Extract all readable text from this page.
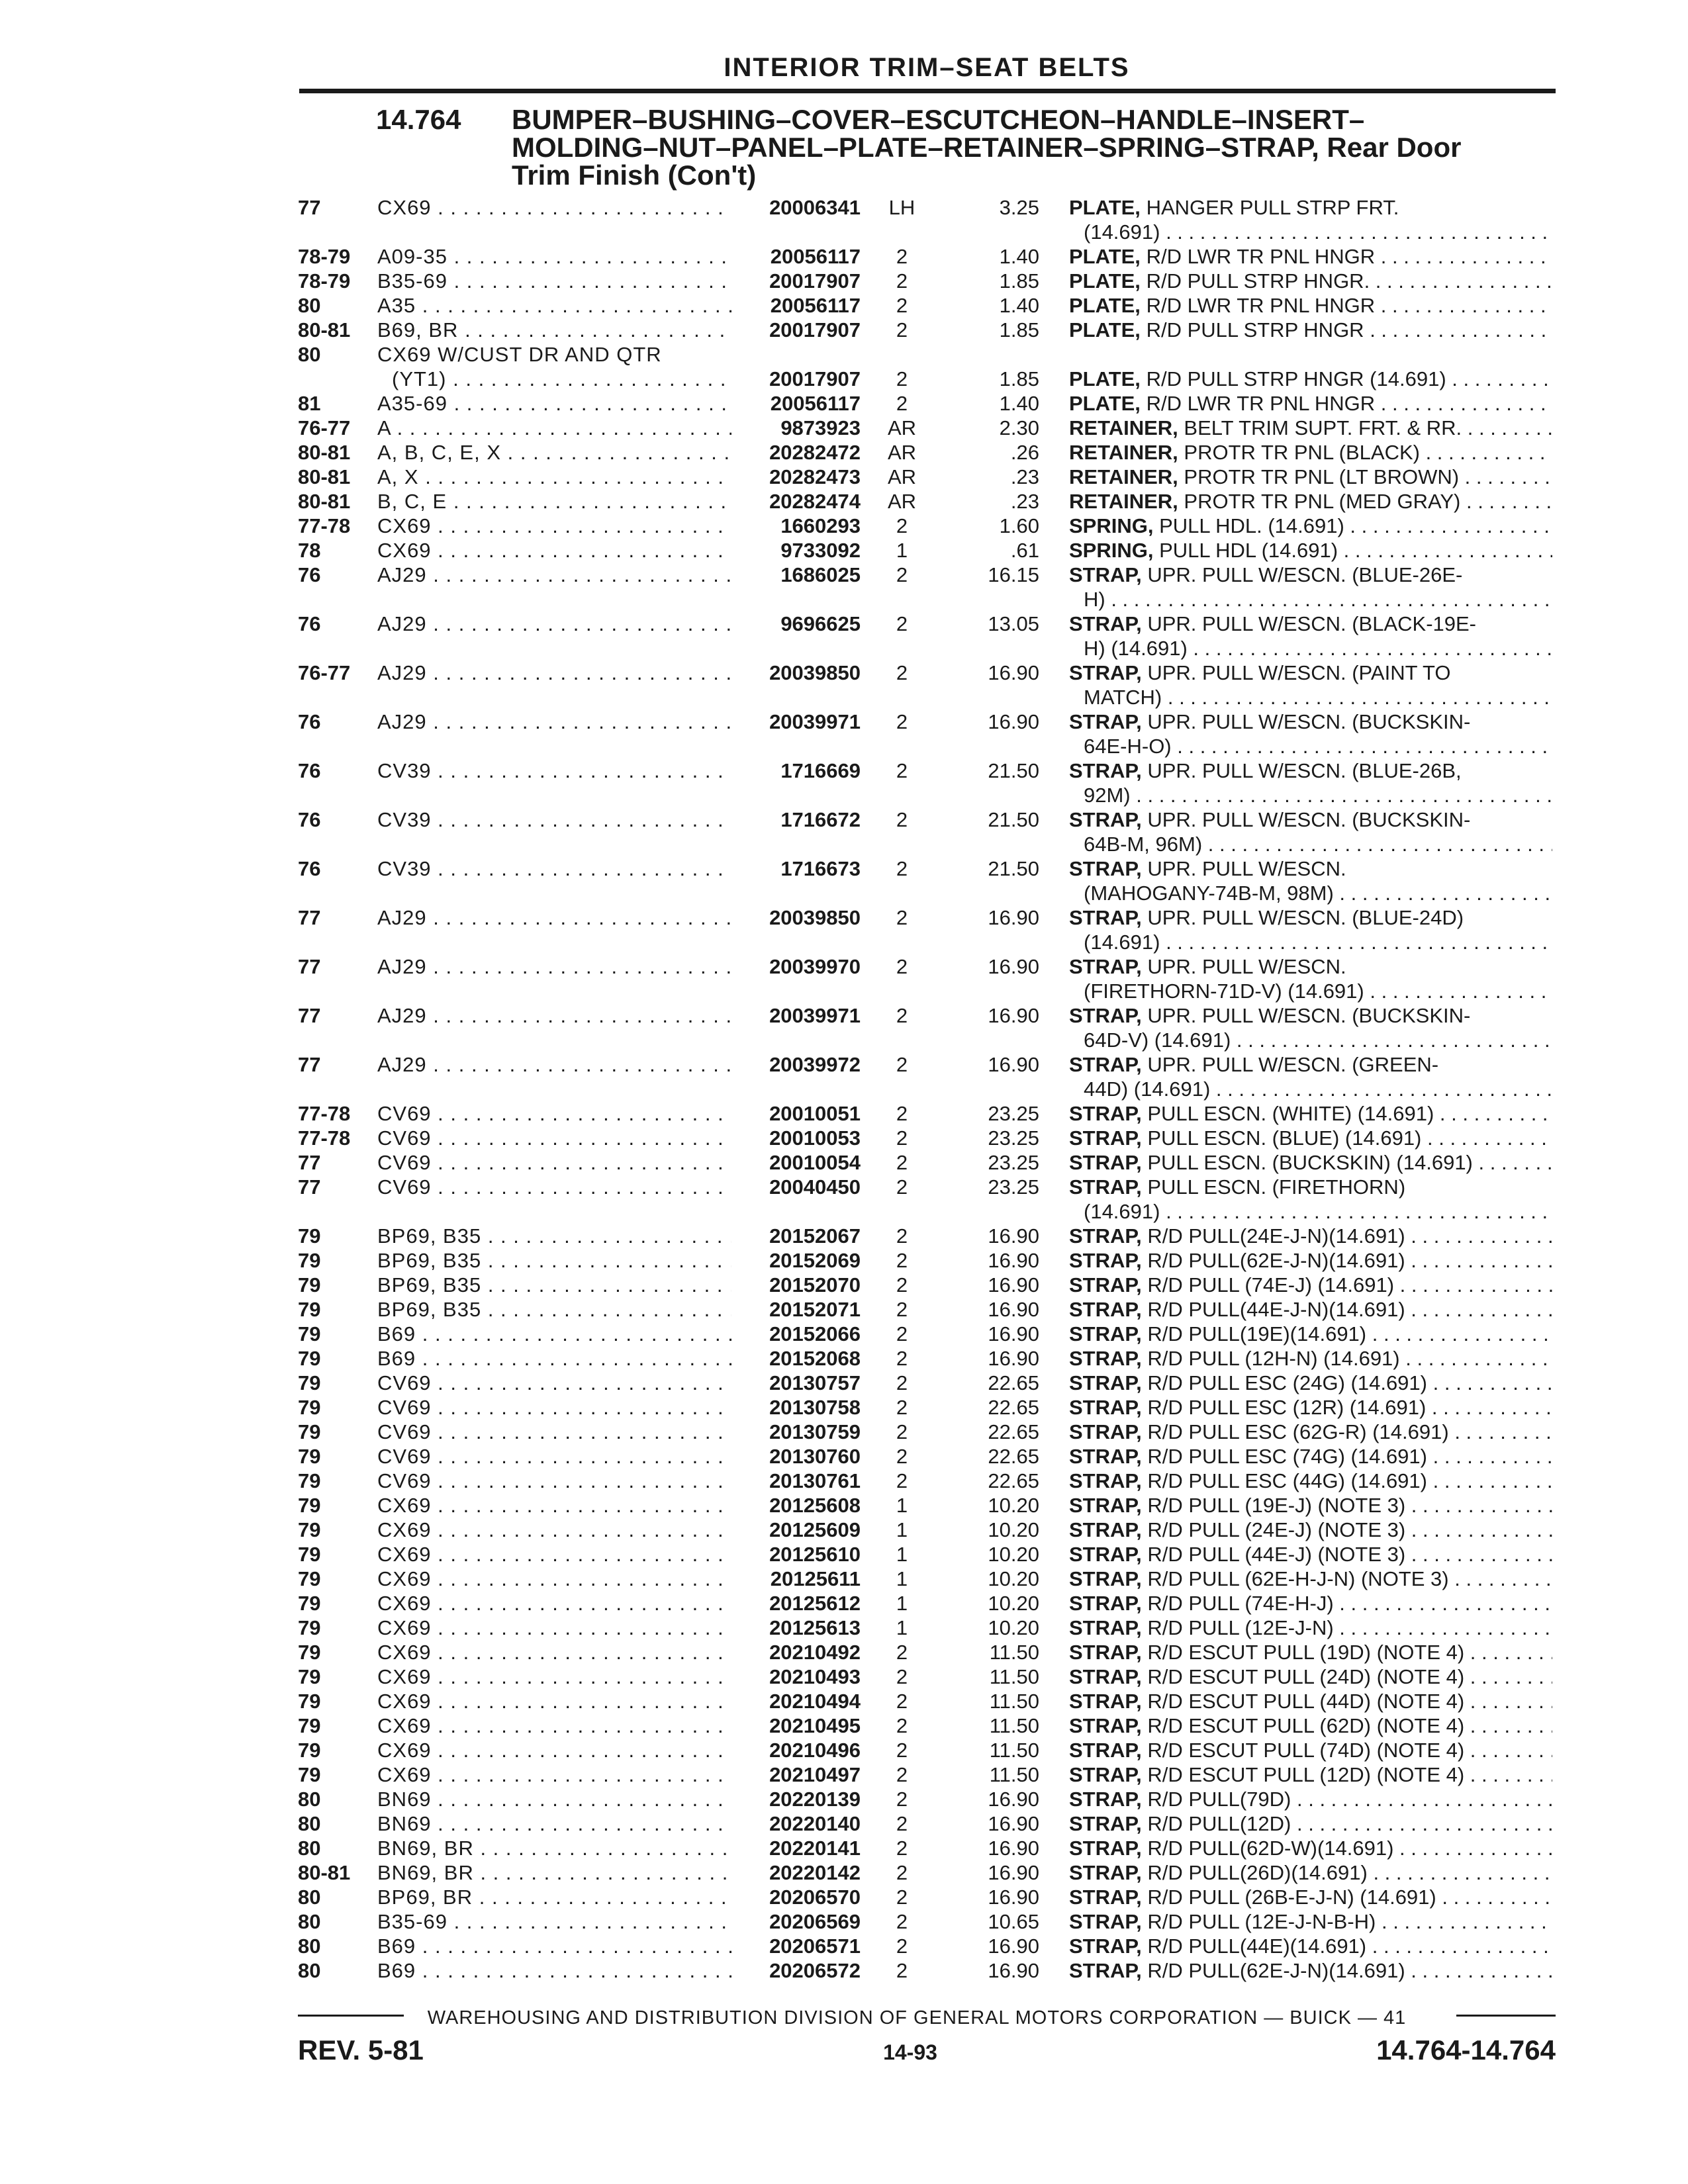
INTERIOR TRIM–SEAT BELTS
14.764 BUMPER–BUSHING–COVER–ESCUTCHEON–HANDLE–INSERT–
MOLDING–NUT–PANEL–PLATE–RETAINER–SPRING–STRAP, Rear Door
Trim Finish (Con't)
77	CX69 . . .	20006341	LH	3.25 PLATE, HANGER PULL STRP FRT.
(14.691) . . .
78-79	A09-35 . . .	20056117	2	1.40 PLATE, R/D LWR TR PNL HNGR . . .
78-79	B35-69 . . .	20017907	2	1.85 PLATE, R/D PULL STRP HNGR. . . .
80	A35 . . .	20056117	2	1.40 PLATE, R/D LWR TR PNL HNGR . . .
80-81	B69, BR . . .	20017907	2	1.85 PLATE, R/D PULL STRP HNGR . . .
80	CX69 W/CUST DR AND QTR
(YT1) . . .	20017907	2	1.85 PLATE, R/D PULL STRP HNGR (14.691) . . .
81	A35-69 . . .	20056117	2	1.40 PLATE, R/D LWR TR PNL HNGR . . .
76-77	A . . .	9873923	AR	2.30 RETAINER, BELT TRIM SUPT. FRT. & RR. . . .
80-81	A, B, C, E, X . . .	20282472	AR	.26 RETAINER, PROTR TR PNL (BLACK) . . .
80-81	A, X . . .	20282473	AR	.23 RETAINER, PROTR TR PNL (LT BROWN) . . .
80-81	B, C, E . . .	20282474	AR	.23 RETAINER, PROTR TR PNL (MED GRAY) . . .
77-78	CX69 . . .	1660293	2	1.60 SPRING, PULL HDL. (14.691) . . .
78	CX69 . . .	9733092	1	.61 SPRING, PULL HDL (14.691) . . .
76	AJ29 . . .	1686025	2	16.15 STRAP, UPR. PULL W/ESCN. (BLUE-26E-
H) . . .
76	AJ29 . . .	9696625	2	13.05 STRAP, UPR. PULL W/ESCN. (BLACK-19E-
H) (14.691) . . .
76-77	AJ29 . . .	20039850	2	16.90 STRAP, UPR. PULL W/ESCN. (PAINT TO
MATCH) . . .
76	AJ29 . . .	20039971	2	16.90 STRAP, UPR. PULL W/ESCN. (BUCKSKIN-
64E-H-O) . . .
76	CV39 . . .	1716669	2	21.50 STRAP, UPR. PULL W/ESCN. (BLUE-26B,
92M) . . .
76	CV39 . . .	1716672	2	21.50 STRAP, UPR. PULL W/ESCN. (BUCKSKIN-
64B-M, 96M) . . .
76	CV39 . . .	1716673	2	21.50 STRAP, UPR. PULL W/ESCN.
(MAHOGANY-74B-M, 98M) . . .
77	AJ29 . . .	20039850	2	16.90 STRAP, UPR. PULL W/ESCN. (BLUE-24D)
(14.691) . . .
77	AJ29 . . .	20039970	2	16.90 STRAP, UPR. PULL W/ESCN.
(FIRETHORN-71D-V) (14.691) . . .
77	AJ29 . . .	20039971	2	16.90 STRAP, UPR. PULL W/ESCN. (BUCKSKIN-
64D-V) (14.691) . . .
77	AJ29 . . .	20039972	2	16.90 STRAP, UPR. PULL W/ESCN. (GREEN-
44D) (14.691) . . .
77-78	CV69 . . .	20010051	2	23.25 STRAP, PULL ESCN. (WHITE) (14.691) . . .
77-78	CV69 . . .	20010053	2	23.25 STRAP, PULL ESCN. (BLUE) (14.691) . . .
77	CV69 . . .	20010054	2	23.25 STRAP, PULL ESCN. (BUCKSKIN) (14.691) . . .
77	CV69 . . .	20040450	2	23.25 STRAP, PULL ESCN. (FIRETHORN)
(14.691) . . .
79	BP69, B35 . . .	20152067	2	16.90 STRAP, R/D PULL(24E-J-N)(14.691) . . .
79	BP69, B35 . . .	20152069	2	16.90 STRAP, R/D PULL(62E-J-N)(14.691) . . .
79	BP69, B35 . . .	20152070	2	16.90 STRAP, R/D PULL (74E-J) (14.691) . . .
79	BP69, B35 . . .	20152071	2	16.90 STRAP, R/D PULL(44E-J-N)(14.691) . . .
79	B69 . . .	20152066	2	16.90 STRAP, R/D PULL(19E)(14.691) . . .
79	B69 . . .	20152068	2	16.90 STRAP, R/D PULL (12H-N) (14.691) . . .
79	CV69 . . .	20130757	2	22.65 STRAP, R/D PULL ESC (24G) (14.691) . . .
79	CV69 . . .	20130758	2	22.65 STRAP, R/D PULL ESC (12R) (14.691) . . .
79	CV69 . . .	20130759	2	22.65 STRAP, R/D PULL ESC (62G-R) (14.691) . . .
79	CV69 . . .	20130760	2	22.65 STRAP, R/D PULL ESC (74G) (14.691) . . .
79	CV69 . . .	20130761	2	22.65 STRAP, R/D PULL ESC (44G) (14.691) . . .
79	CX69 . . .	20125608	1	10.20 STRAP, R/D PULL (19E-J) (NOTE 3) . . .
79	CX69 . . .	20125609	1	10.20 STRAP, R/D PULL (24E-J) (NOTE 3) . . .
79	CX69 . . .	20125610	1	10.20 STRAP, R/D PULL (44E-J) (NOTE 3) . . .
79	CX69 . . .	20125611	1	10.20 STRAP, R/D PULL (62E-H-J-N) (NOTE 3) . . .
79	CX69 . . .	20125612	1	10.20 STRAP, R/D PULL (74E-H-J) . . .
79	CX69 . . .	20125613	1	10.20 STRAP, R/D PULL (12E-J-N) . . .
79	CX69 . . .	20210492	2	11.50 STRAP, R/D ESCUT PULL (19D) (NOTE 4) . . .
79	CX69 . . .	20210493	2	11.50 STRAP, R/D ESCUT PULL (24D) (NOTE 4) . . .
79	CX69 . . .	20210494	2	11.50 STRAP, R/D ESCUT PULL (44D) (NOTE 4) . . .
79	CX69 . . .	20210495	2	11.50 STRAP, R/D ESCUT PULL (62D) (NOTE 4) . . .
79	CX69 . . .	20210496	2	11.50 STRAP, R/D ESCUT PULL (74D) (NOTE 4) . . .
79	CX69 . . .	20210497	2	11.50 STRAP, R/D ESCUT PULL (12D) (NOTE 4) . . .
80	BN69 . . .	20220139	2	16.90 STRAP, R/D PULL(79D) . . .
80	BN69 . . .	20220140	2	16.90 STRAP, R/D PULL(12D) . . .
80	BN69, BR . . .	20220141	2	16.90 STRAP, R/D PULL(62D-W)(14.691) . . .
80-81	BN69, BR . . .	20220142	2	16.90 STRAP, R/D PULL(26D)(14.691) . . .
80	BP69, BR . . .	20206570	2	16.90 STRAP, R/D PULL (26B-E-J-N) (14.691) . . .
80	B35-69 . . .	20206569	2	10.65 STRAP, R/D PULL (12E-J-N-B-H) . . .
80	B69 . . .	20206571	2	16.90 STRAP, R/D PULL(44E)(14.691) . . .
80	B69 . . .	20206572	2	16.90 STRAP, R/D PULL(62E-J-N)(14.691) . . .
WAREHOUSING AND DISTRIBUTION DIVISION OF GENERAL MOTORS CORPORATION — BUICK — 41
REV. 5-81	14-93	14.764-14.764
